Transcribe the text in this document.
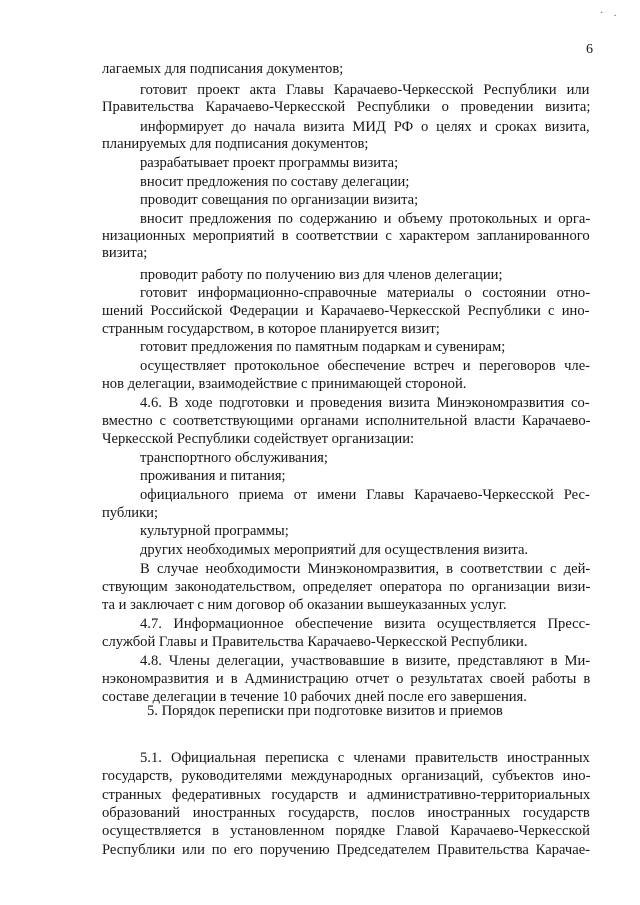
· .
6
лагаемых для подписания документов;
готовит проект акта Главы Карачаево-Черкесской Республики или
Правительства Карачаево-Черкесской Республики о проведении визита;
информирует до начала визита МИД РФ о целях и сроках визита,
планируемых для подписания документов;
разрабатывает проект программы визита;
вносит предложения по составу делегации;
проводит совещания по организации визита;
вносит предложения по содержанию и объему протокольных и орга-
низационных мероприятий в соответствии с характером запланированного
визита;
проводит работу по получению виз для членов делегации;
готовит информационно-справочные материалы о состоянии отно-
шений Российской Федерации и Карачаево-Черкесской Республики с ино-
странным государством, в которое планируется визит;
готовит предложения по памятным подаркам и сувенирам;
осуществляет протокольное обеспечение встреч и переговоров чле-
нов делегации, взаимодействие с принимающей стороной.
4.6. В ходе подготовки и проведения визита Минэкономразвития со-
вместно с соответствующими органами исполнительной власти Карачаево-
Черкесской Республики содействует организации:
транспортного обслуживания;
проживания и питания;
официального приема от имени Главы Карачаево-Черкесской Рес-
публики;
культурной программы;
других необходимых мероприятий для осуществления визита.
В случае необходимости Минэкономразвития, в соответствии с дей-
ствующим законодательством, определяет оператора по организации визи-
та и заключает с ним договор об оказании вышеуказанных услуг.
4.7. Информационное обеспечение визита осуществляется Пресс-
службой Главы и Правительства Карачаево-Черкесской Республики.
4.8. Члены делегации, участвовавшие в визите, представляют в Ми-
нэкономразвития и в Администрацию отчет о результатах своей работы в
составе делегации в течение 10 рабочих дней после его завершения.
5. Порядок переписки при подготовке визитов и приемов
5.1. Официальная переписка с членами правительств иностранных
государств, руководителями международных организаций, субъектов ино-
странных федеративных государств и административно-территориальных
образований иностранных государств, послов иностранных государств
осуществляется в установленном порядке Главой Карачаево-Черкесской
Республики или по его поручению Председателем Правительства Карачае-
